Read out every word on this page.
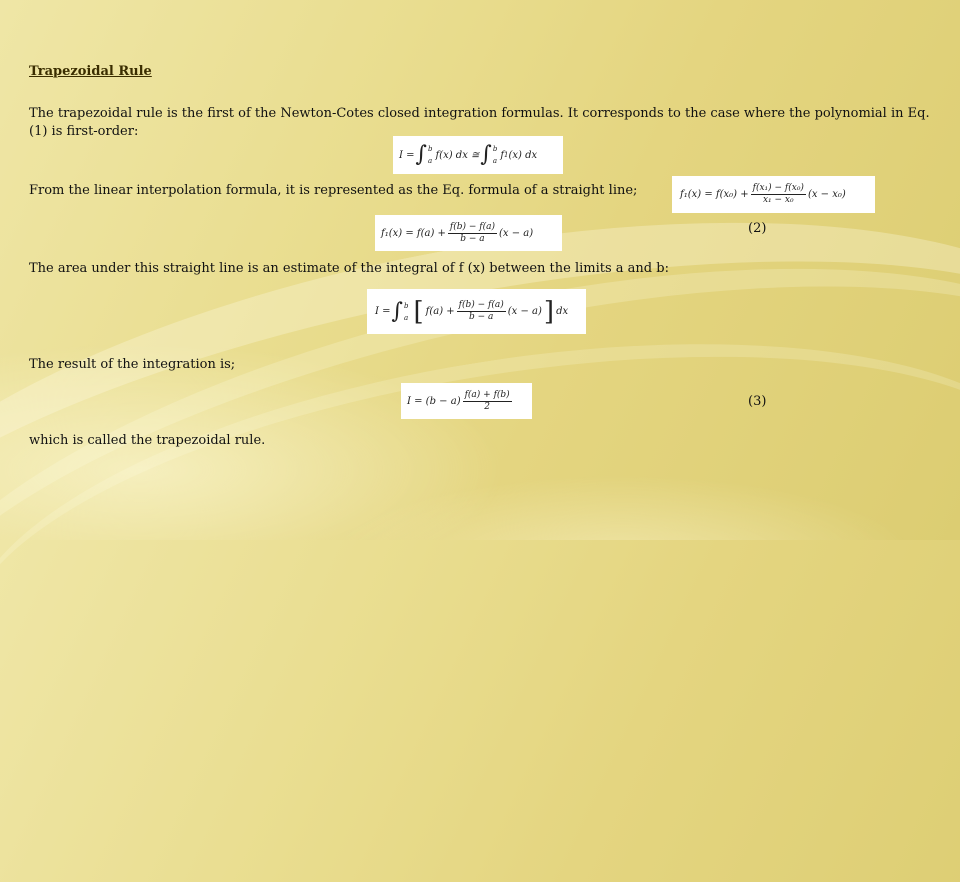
Trapezoidal Rule
The trapezoidal rule is the first of the Newton-Cotes closed integration formulas. It corresponds to the case where the polynomial in Eq. (1) is first-order:
I = ∫ b
a
f(x) dx ≅ ∫ b
a
f 1 (x) dx
From the linear interpolation formula, it is represented as the Eq. formula of a straight line;	$f_1(x) = f(x_0) + \frac{\text{f(x₁) − f(x₀)}}{\text{x₁ − x₀}} (x - x_0)$
$f_1(x) = f(a) + \frac{f(b) - f(a)}{b - a} (x - a)$	(2)
The area under this straight line is an estimate of the integral of f (x) between the limits a and b:
I = ∫ b
a [ $f(a) + \frac{f(b) - f(a)}{b - a} (x - a)$ ] dx
The result of the integration is;
$I = (b - a) \frac{f(a) + f(b)}{2}$	(3)
which is called the trapezoidal rule.
